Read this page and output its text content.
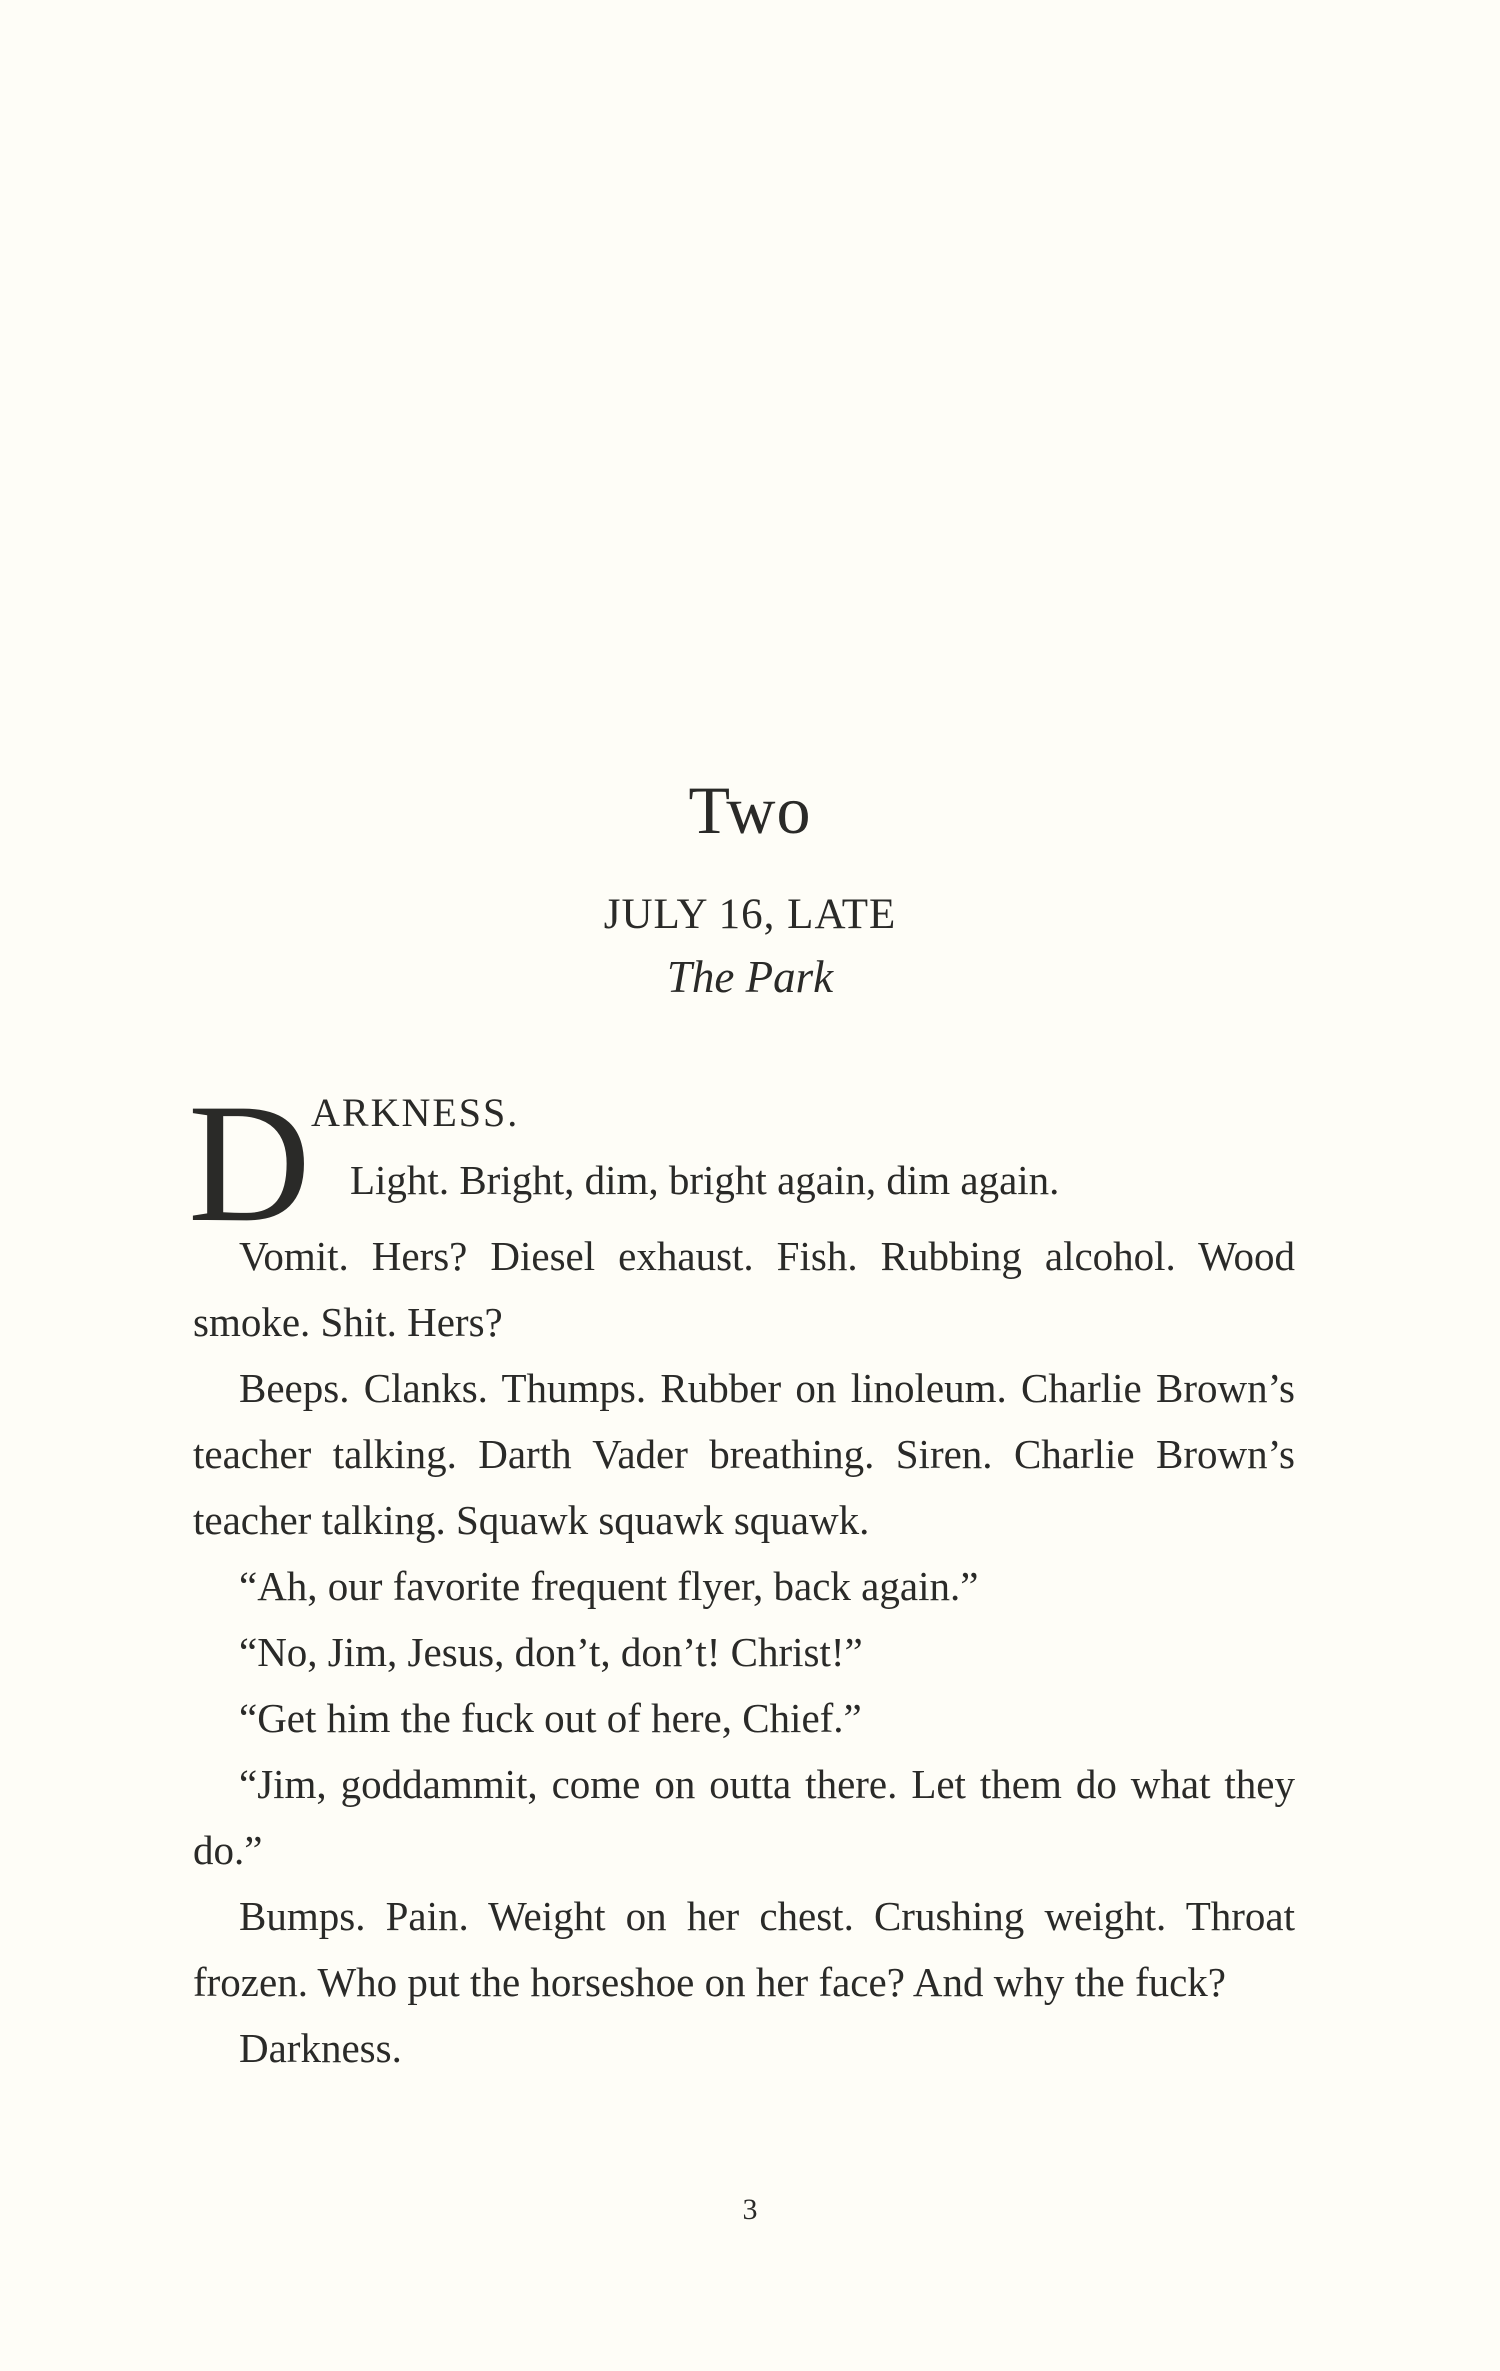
Two
JULY 16, LATE
The Park
D ARKNESS.
Light. Bright, dim, bright again, dim again.

Vomit. Hers? Diesel exhaust. Fish. Rubbing alcohol. Wood smoke. Shit. Hers?

Beeps. Clanks. Thumps. Rubber on linoleum. Charlie Brown’s teacher talking. Darth Vader breathing. Siren. Charlie Brown’s teacher talking. Squawk squawk squawk.

“Ah, our favorite frequent flyer, back again.”

“No, Jim, Jesus, don’t, don’t! Christ!”

“Get him the fuck out of here, Chief.”

“Jim, goddammit, come on outta there. Let them do what they do.”

Bumps. Pain. Weight on her chest. Crushing weight. Throat frozen. Who put the horseshoe on her face? And why the fuck?

Darkness.

3
